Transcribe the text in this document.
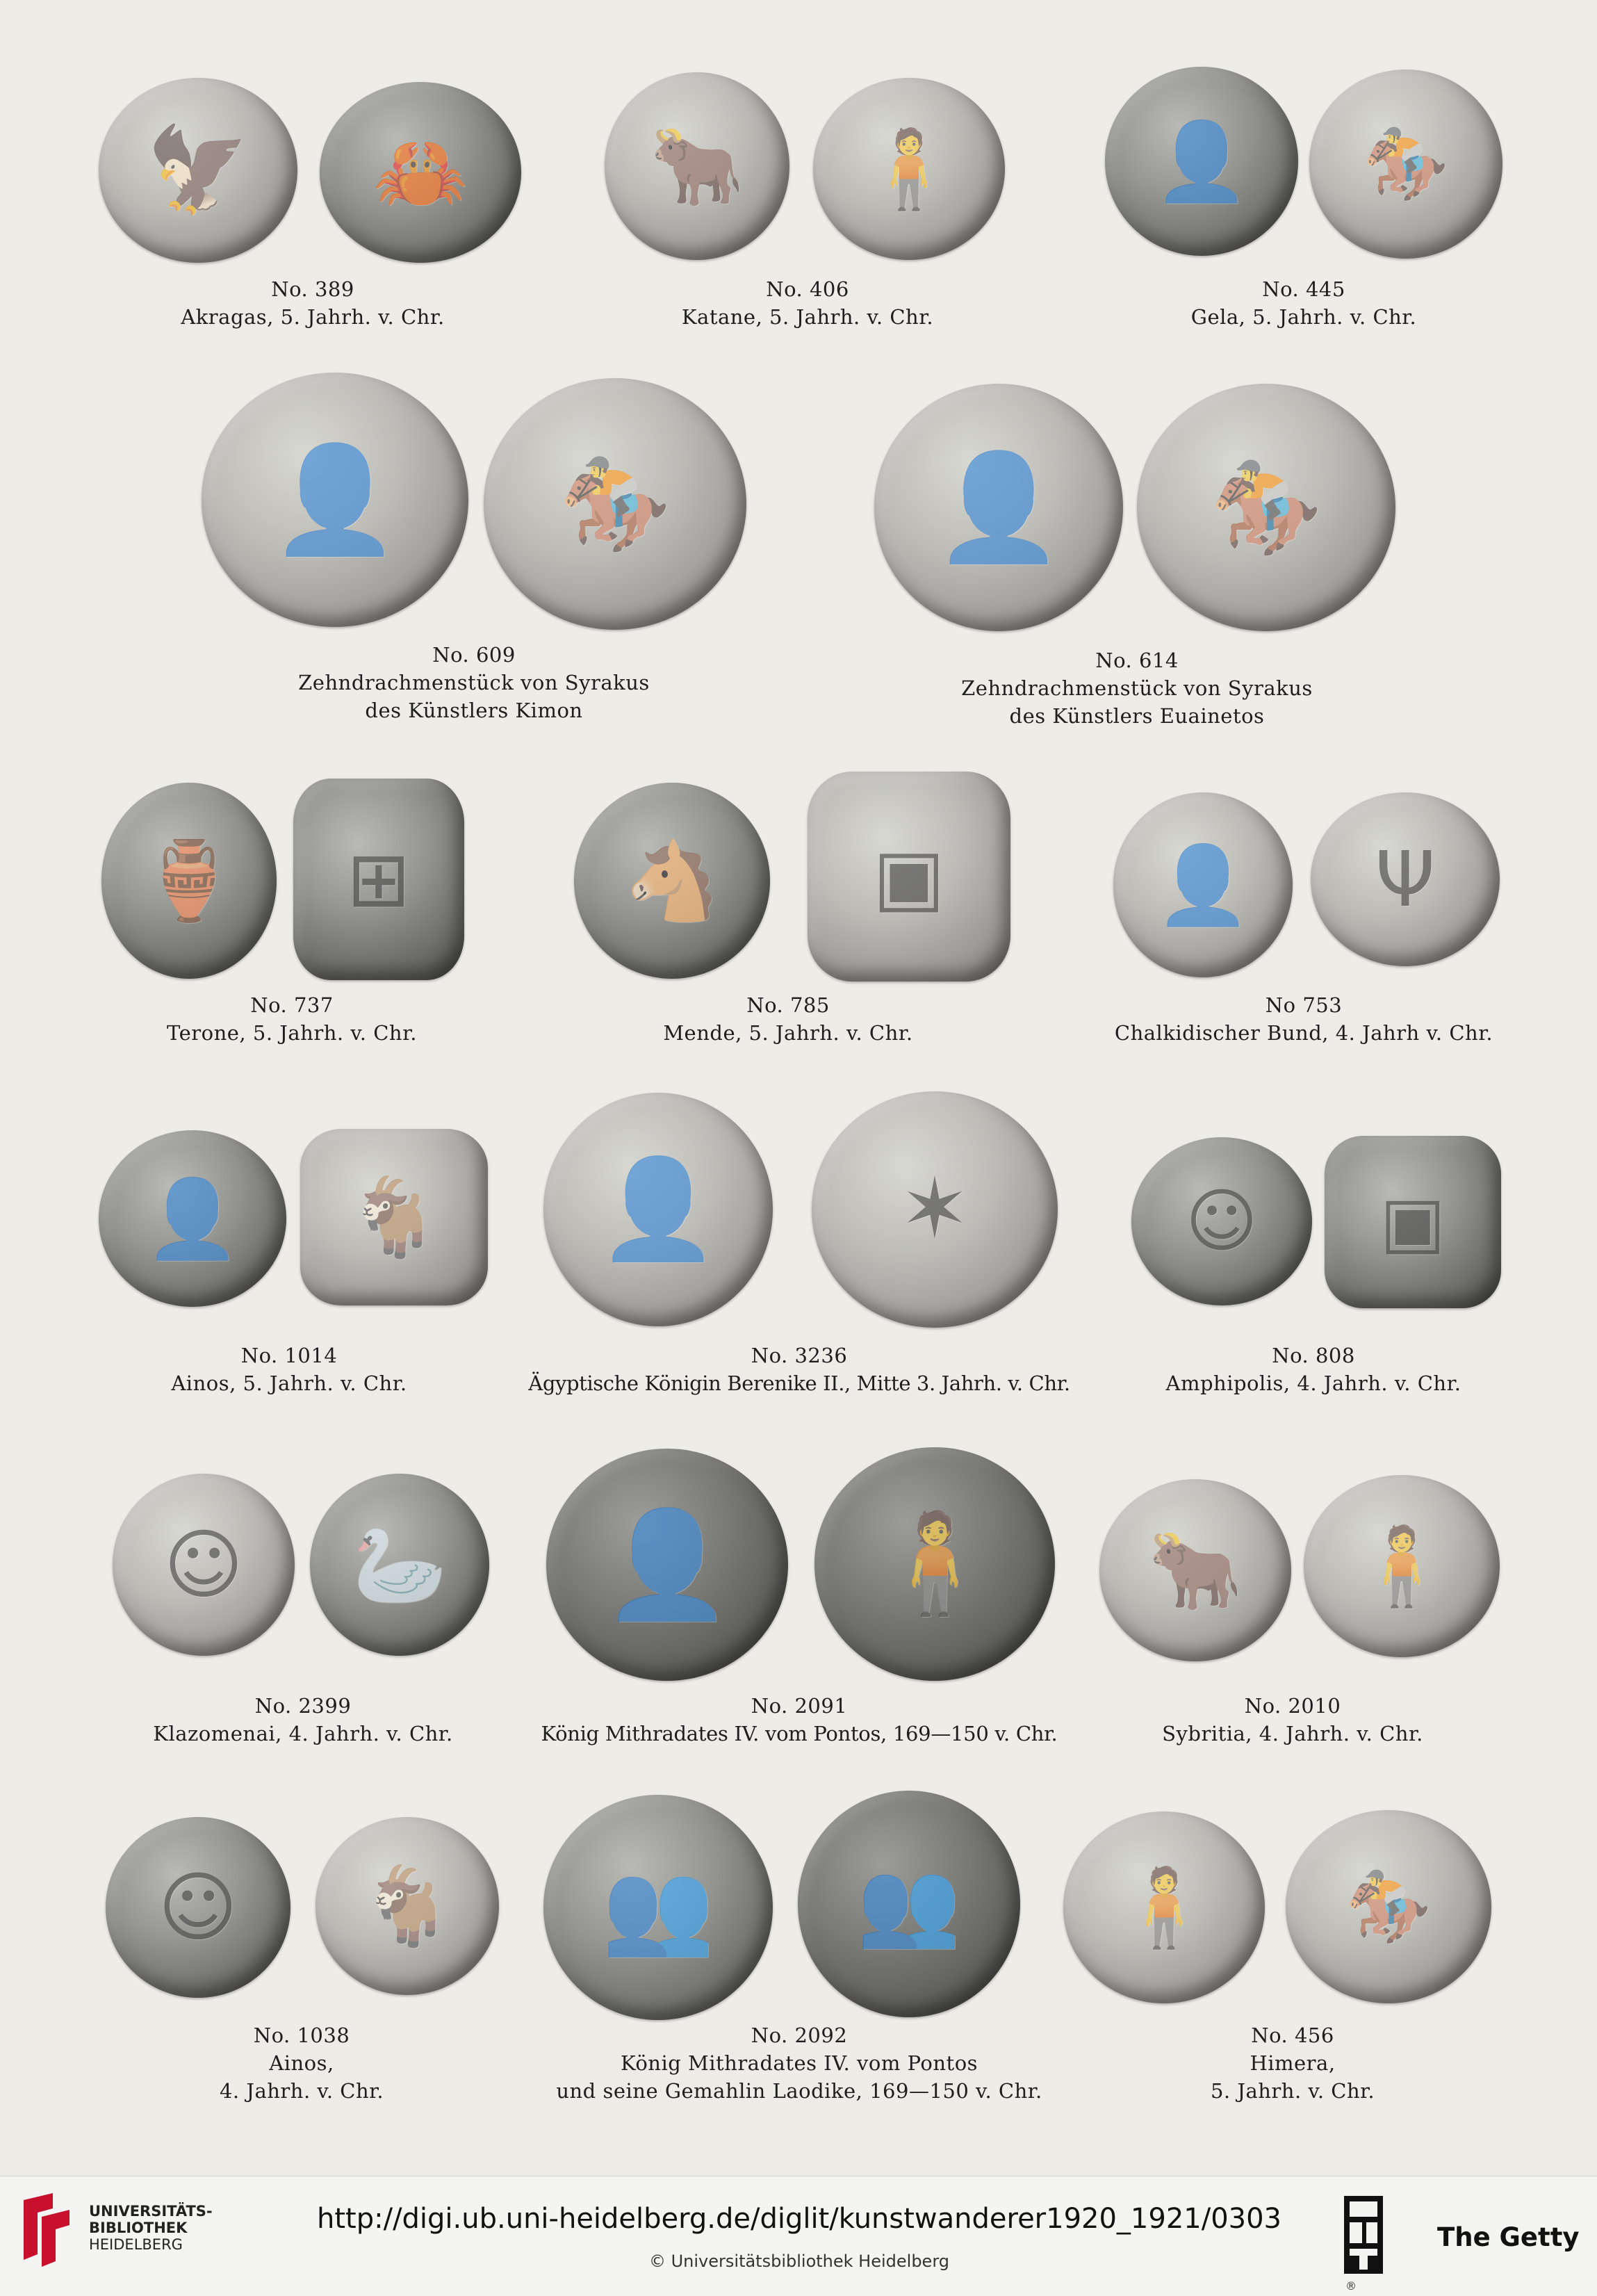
🦅 🦀 🐂 🧍	👤 🏇
No. 389
Akragas, 5. Jahrh. v. Chr.
No. 406
Katane, 5. Jahrh. v. Chr.
No. 445
Gela, 5. Jahrh. v. Chr.
👤 🏇	👤 🏇
No. 609
Zehndrachmenstück von Syrakus
des Künstlers Kimon
No. 614
Zehndrachmenstück von Syrakus
des Künstlers Euainetos
🏺 ⊞	🐴 ▣	👤 Ψ
No. 737
Terone, 5. Jahrh. v. Chr.
No. 785
Mende, 5. Jahrh. v. Chr.
No 753
Chalkidischer Bund, 4. Jahrh v. Chr.
👤 🐐 👤 ✶	☺ ▣
No. 1014
Ainos, 5. Jahrh. v. Chr.
No. 3236
Ägyptische Königin Berenike II., Mitte 3. Jahrh. v. Chr.
No. 808
Amphipolis, 4. Jahrh. v. Chr.
☺ 🦢 👤 🧍 🐂 🧍
No. 2399
Klazomenai, 4. Jahrh. v. Chr.
No. 2091
König Mithradates IV. vom Pontos, 169—150 v. Chr.
No. 2010
Sybritia, 4. Jahrh. v. Chr.
☺ 🐐 👥 👥 🧍 🏇
No. 1038
Ainos,
4. Jahrh. v. Chr.
No. 2092
König Mithradates IV. vom Pontos
und seine Gemahlin Laodike, 169—150 v. Chr.
No. 456
Himera,
5. Jahrh. v. Chr.
UNIVERSITÄTS-
BIBLIOTHEK
HEIDELBERG
http://digi.ub.uni-heidelberg.de/diglit/kunstwanderer1920_1921/0303
© Universitätsbibliothek Heidelberg
The Getty
®
